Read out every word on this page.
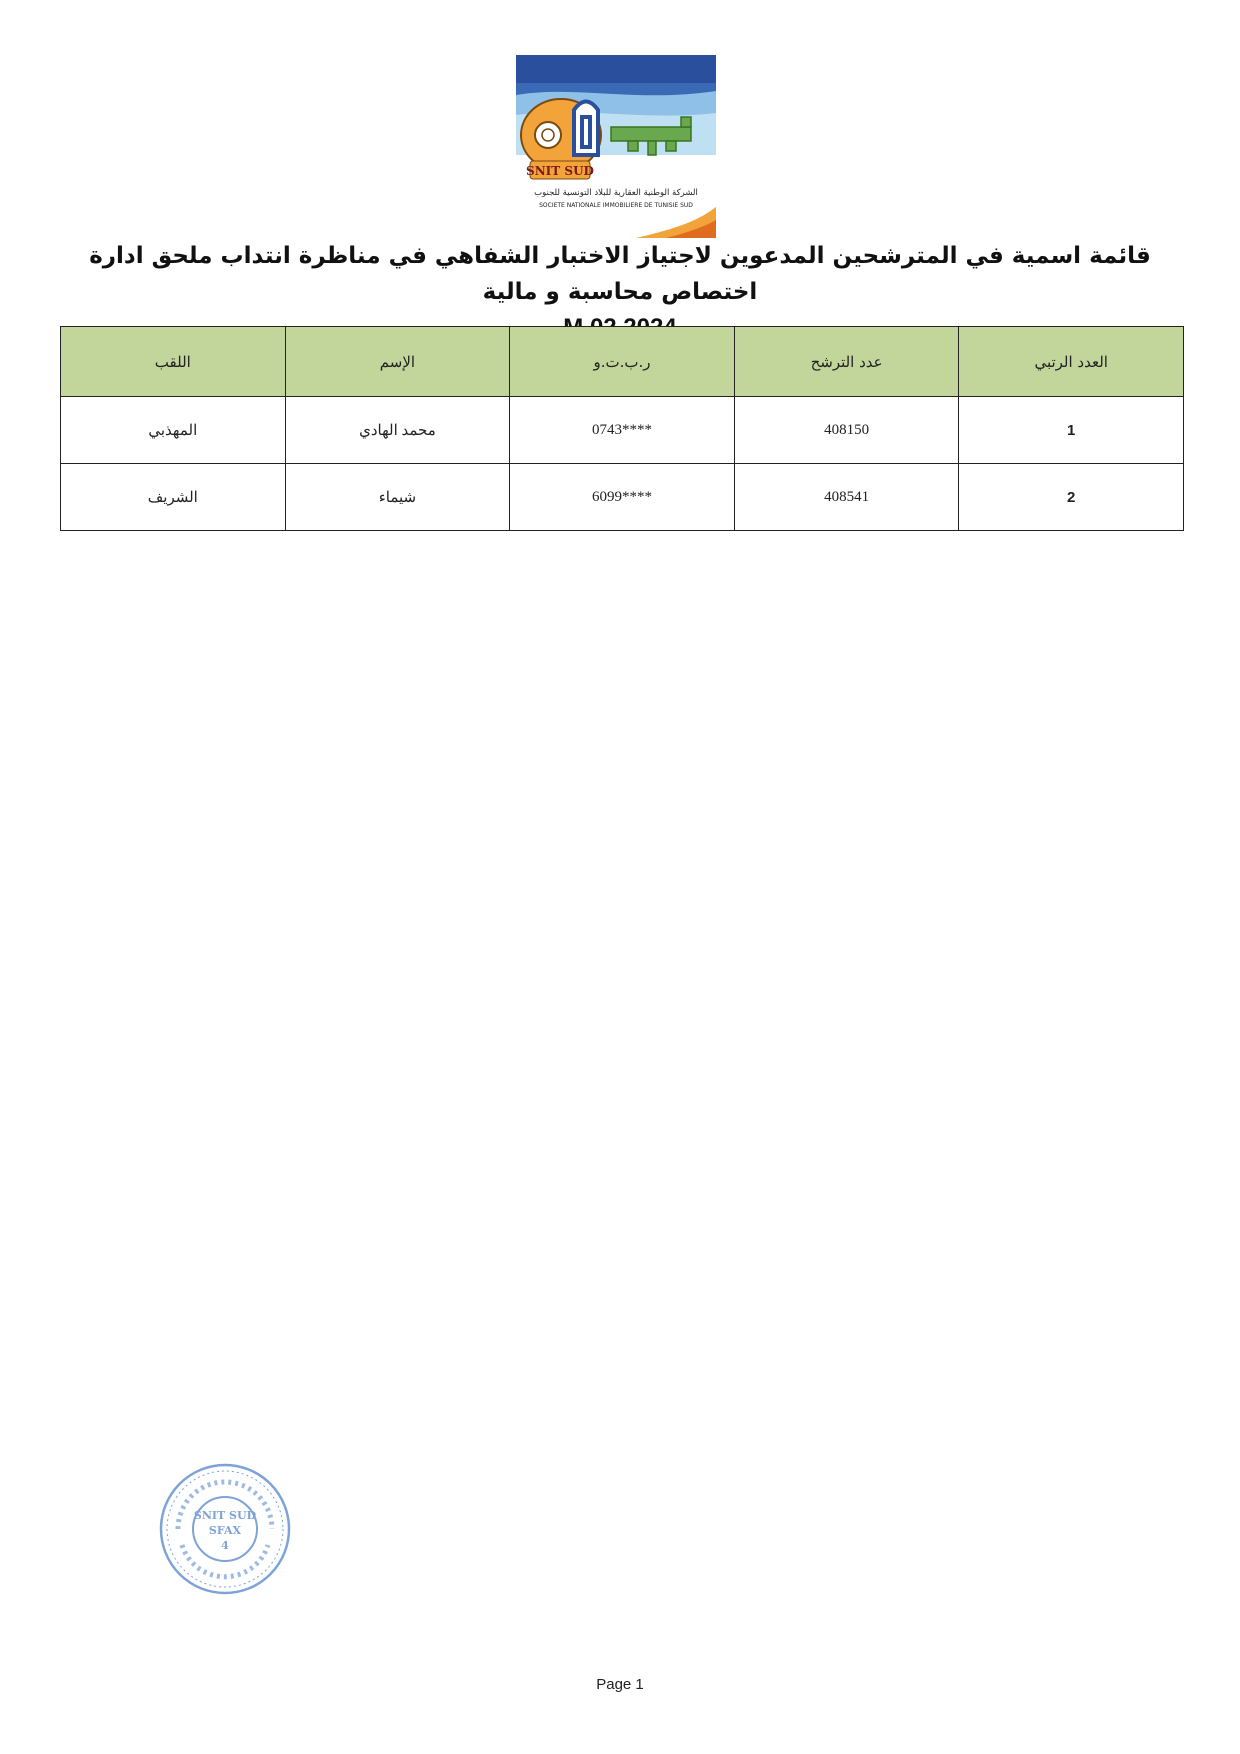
SNIT SUD
الشركة الوطنية العقارية للبلاد التونسية للجنوب
SOCIETE NATIONALE IMMOBILIERE DE TUNISIE SUD
قائمة اسمية في المترشحين المدعوين لاجتياز الاختبار الشفاهي في مناظرة انتداب ملحق ادارة اختصاص محاسبة و مالية
العدد الرتبي	عدد الترشح	ر.ب.ت.و	الإسم	اللقب
1	408150	****0743	محمد الهادي	المهذبي
2	408541	****6099	شيماء	الشريف
SNIT SUD
SFAX
4
Page 1
